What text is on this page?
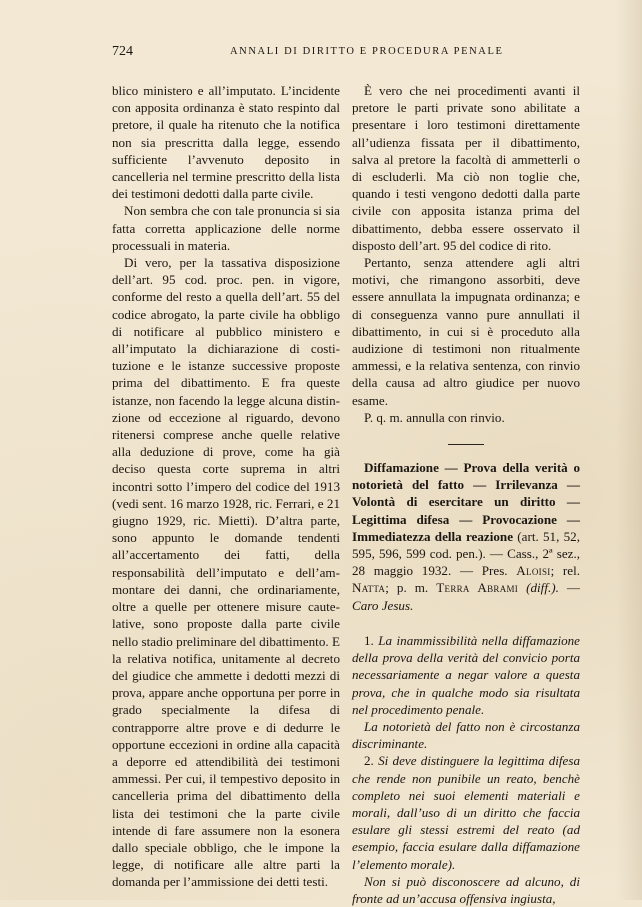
724	ANNALI DI DIRITTO E PROCEDURA PENALE

blico ministero e all’imputato. L’incidente con apposita ordinanza è stato respinto dal pretore, il quale ha ritenuto che la notifica non sia prescritta dalla legge, essendo sufficiente l’avvenuto deposito in cancelleria nel termine prescritto della lista dei testimoni dedotti dalla parte civile.

Non sembra che con tale pronuncia si sia fatta corretta applicazione delle norme processuali in materia.

Di vero, per la tassativa disposizione dell’art. 95 cod. proc. pen. in vigore, conforme del resto a quella dell’art. 55 del codice abrogato, la parte civile ha obbligo di notificare al pubblico ministero e all’imputato la dichiarazione di costituzione e le istanze successive proposte prima del dibattimento. E fra queste istanze, non facendo la legge alcuna distinzione od eccezione al riguardo, devono ritenersi comprese anche quelle relative alla deduzione di prove, come ha già deciso questa corte suprema in altri incontri sotto l’impero del codice del 1913 (vedi sent. 16 marzo 1928, ric. Ferrari, e 21 giugno 1929, ric. Mietti). D’altra parte, sono appunto le domande tendenti all’accertamento dei fatti, della responsabilità dell’imputato e dell’ammontare dei danni, che ordinariamente, oltre a quelle per ottenere misure cautelative, sono proposte dalla parte civile nello stadio preliminare del dibattimento. E la relativa notifica, unitamente al decreto del giudice che ammette i dedotti mezzi di prova, appare anche opportuna per porre in grado specialmente la difesa di contrapporre altre prove e di dedurre le opportune eccezioni in ordine alla capacità a deporre ed attendibilità dei testimoni ammessi. Per cui, il tempestivo deposito in cancelleria prima del dibattimento della lista dei testimoni che la parte civile intende di fare assumere non la esonera dallo speciale obbligo, che le impone la legge, di notificare alle altre parti la domanda per l’ammissione dei detti testi.

È vero che nei procedimenti avanti il pretore le parti private sono abilitate a presentare i loro testimoni direttamente all’udienza fissata per il dibattimento, salva al pretore la facoltà di ammetterli o di escluderli. Ma ciò non toglie che, quando i testi vengono dedotti dalla parte civile con apposita istanza prima del dibattimento, debba essere osservato il disposto dell’art. 95 del codice di rito.

Pertanto, senza attendere agli altri motivi, che rimangono assorbiti, deve essere annullata la impugnata ordinanza; e di conseguenza vanno pure annullati il dibattimento, in cui si è proceduto alla audizione di testimoni non ritualmente ammessi, e la relativa sentenza, con rinvio della causa ad altro giudice per nuovo esame.

P. q. m. annulla con rinvio.

Diffamazione — Prova della verità o notorietà del fatto — Irrilevanza — Volontà di esercitare un diritto — Legittima difesa — Provocazione — Immediatezza della reazione (art. 51, 52, 595, 596, 599 cod. pen.). — Cass., 2ª sez., 28 maggio 1932. — Pres. Aloisi; rel. Natta; p. m. Terra Abrami (diff.). — Caro Jesus.

1. La inammissibilità nella diffamazione della prova della verità del convicio porta necessariamente a negar valore a questa prova, che in qualche modo sia risultata nel procedimento penale.

La notorietà del fatto non è circostanza discriminante.

2. Si deve distinguere la legittima difesa che rende non punibile un reato, benchè completo nei suoi elementi materiali e morali, dall’uso di un diritto che faccia esulare gli stessi estremi del reato (ad esempio, faccia esulare dalla diffamazione l’elemento morale).

Non si può disconoscere ad alcuno, di fronte ad un’accusa offensiva ingiusta,
